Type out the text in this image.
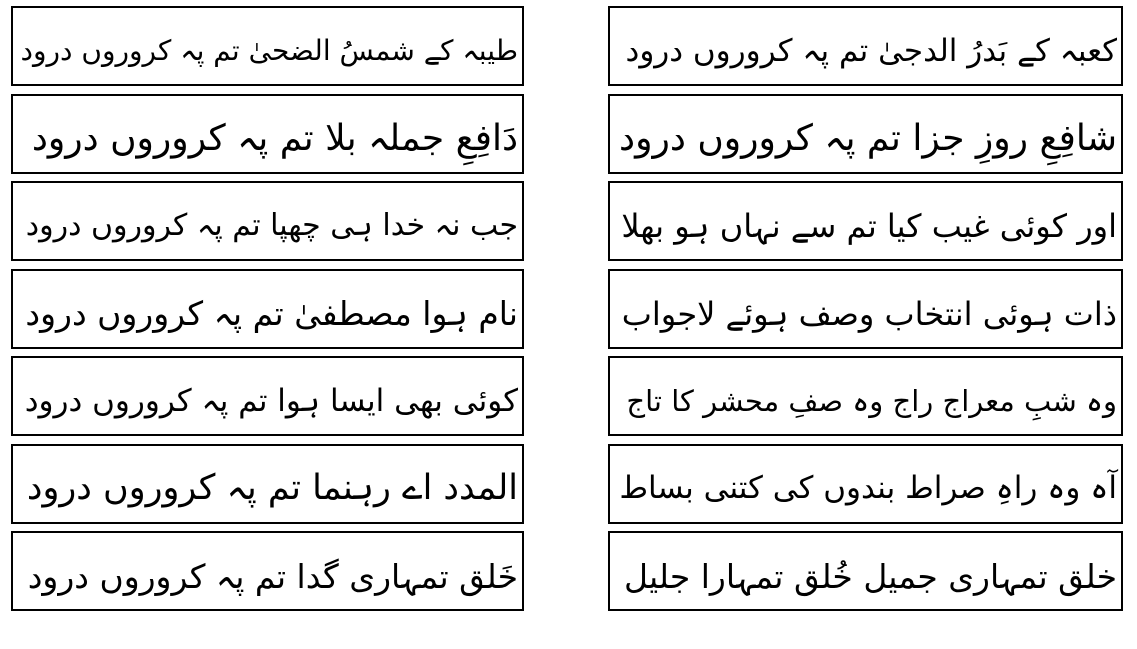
کعبہ کے بَدرُ الدجیٰ تم پہ کروروں درود
شافِعِ روزِ جزا تم پہ کروروں درود
اور کوئی غیب کیا تم سے نہاں ہو بھلا
ذات ہوئی انتخاب وصف ہوئے لاجواب
وہ شبِ معراج راج وہ صفِ محشر کا تاج
آہ وہ راہِ صراط بندوں کی کتنی بساط
خلق تمہاری جمیل خُلق تمہارا جلیل
طیبہ کے شمسُ الضحیٰ تم پہ کروروں درود
دَافِعِ جملہ بلا تم پہ کروروں درود
جب نہ خدا ہی چھپا تم پہ کروروں درود
نام ہوا مصطفیٰ تم پہ کروروں درود
کوئی بھی ایسا ہوا تم پہ کروروں درود
المدد اے رہنما تم پہ کروروں درود
خَلق تمہاری گدا تم پہ کروروں درود
